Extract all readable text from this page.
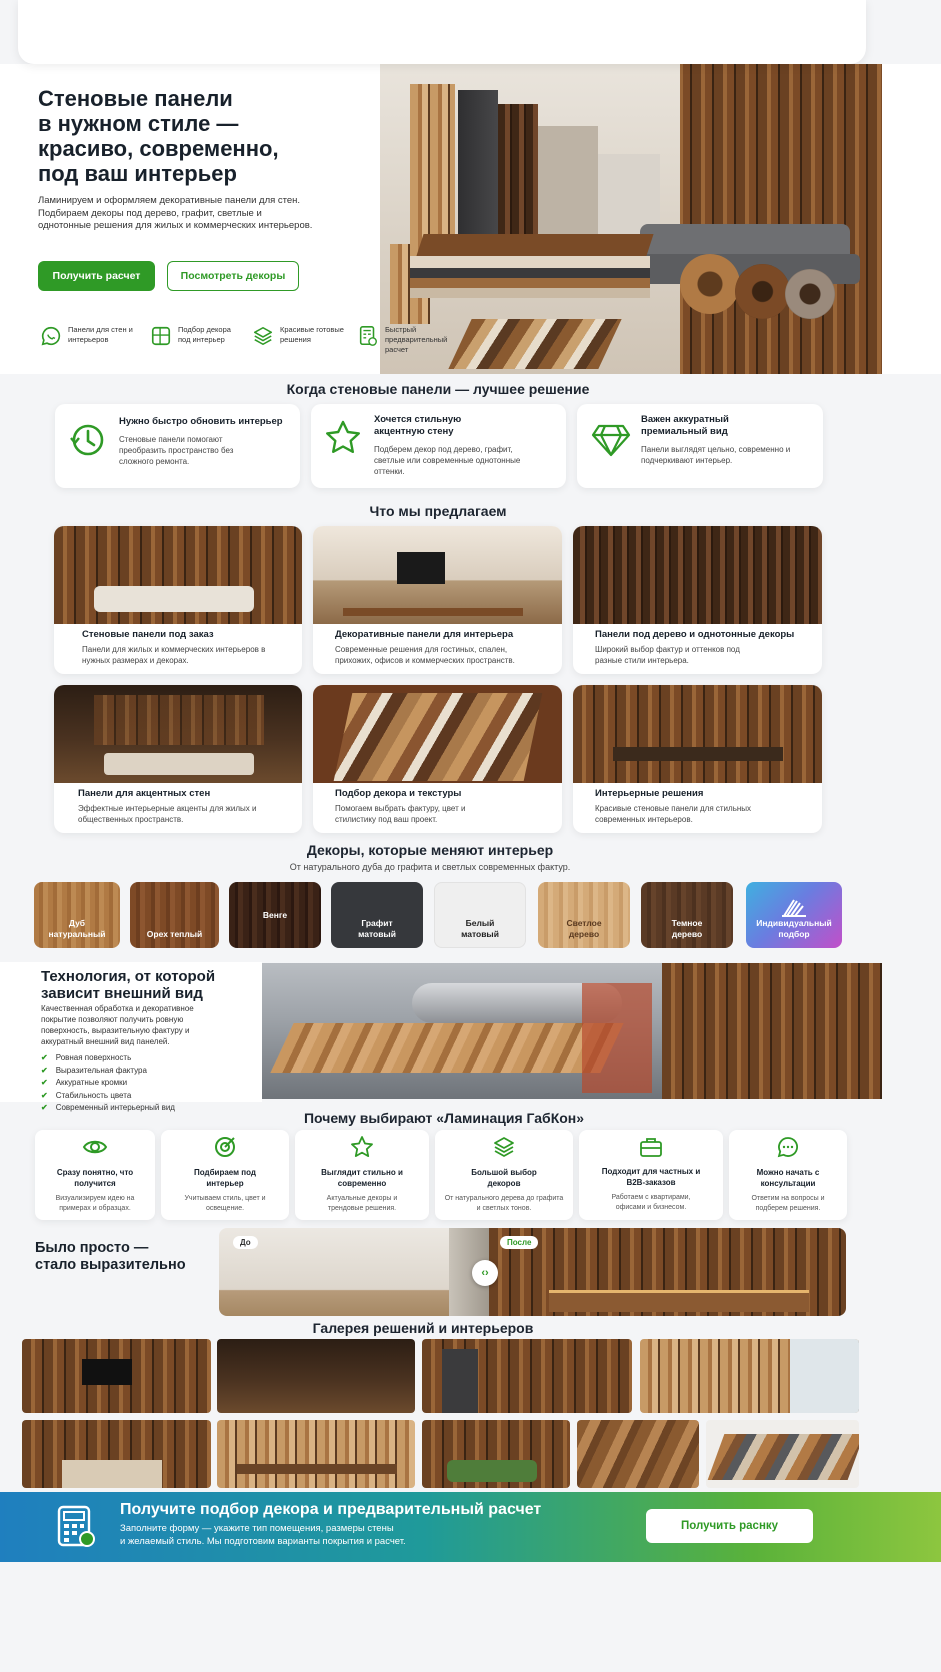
Стеновые панели
в нужном стиле —
красиво, современно,
под ваш интерьер
Ламинируем и оформляем декоративные панели для стен. Подбираем декоры под дерево, графит, светлые и однотонные решения для жилых и коммерческих интерьеров.
Получить расчет	Посмотреть декоры
Панели для стен и интерьеров
Подбор декора под интерьер
Красивые готовые решения
Быстрый предварительный расчет
Когда стеновые панели — лучшее решение
Нужно быстро обновить интерьер
Стеновые панели помогают преобразить пространство без сложного ремонта.
Хочется стильную акцентную стену
Подберем декор под дерево, графит, светлые или современные однотонные оттенки.
Важен аккуратный премиальный вид
Панели выглядят цельно, современно и подчеркивают интерьер.
Что мы предлагаем
Стеновые панели под заказ
Панели для жилых и коммерческих интерьеров в нужных размерах и декорах.
Декоративные панели для интерьера
Современные решения для гостиных, спален, прихожих, офисов и коммерческих пространств.
Панели под дерево и однотонные декоры
Широкий выбор фактур и оттенков под разные стили интерьера.
Панели для акцентных стен
Эффектные интерьерные акценты для жилых и общественных пространств.
Подбор декора и текстуры
Помогаем выбрать фактуру, цвет и стилистику под ваш проект.
Интерьерные решения
Красивые стеновые панели для стильных современных интерьеров.
Декоры, которые меняют интерьер
От натурального дуба до графита и светлых современных фактур.
Дуб натуральный	Орех теплый
Венге
Графит матовый
Белый матовый
Светлое дерево
Темное дерево
Индивидуальный подбор
Технология, от которой
зависит внешний вид
Качественная обработка и декоративное покрытие позволяют получить ровную поверхность, выразительную фактуру и аккуратный внешний вид панелей.
✔ Ровная поверхность
✔ Выразительная фактура
✔ Аккуратные кромки
✔ Стабильность цвета
✔ Современный интерьерный вид
Почему выбирают «Ламинация ГабКон»
Сразу понятно, что получится
Визуализируем идею на примерах и образцах.
Подбираем под интерьер
Учитываем стиль, цвет и освещение.
Выглядит стильно и современно
Актуальные декоры и трендовые решения.
Большой выбор декоров
От натурального дерева до графита и светлых тонов.
Подходит для частных и B2B-заказов
Работаем с квартирами, офисами и бизнесом.
Можно начать с консультации
Ответим на вопросы и подберем решения.
Было просто —
стало выразительно
До	После
‹›
Галерея решений и интерьеров
Получите подбор декора и предварительный расчет
Заполните форму — укажите тип помещения, размеры стены
и желаемый стиль. Мы подготовим варианты покрытия и расчет.
Получить раснку
